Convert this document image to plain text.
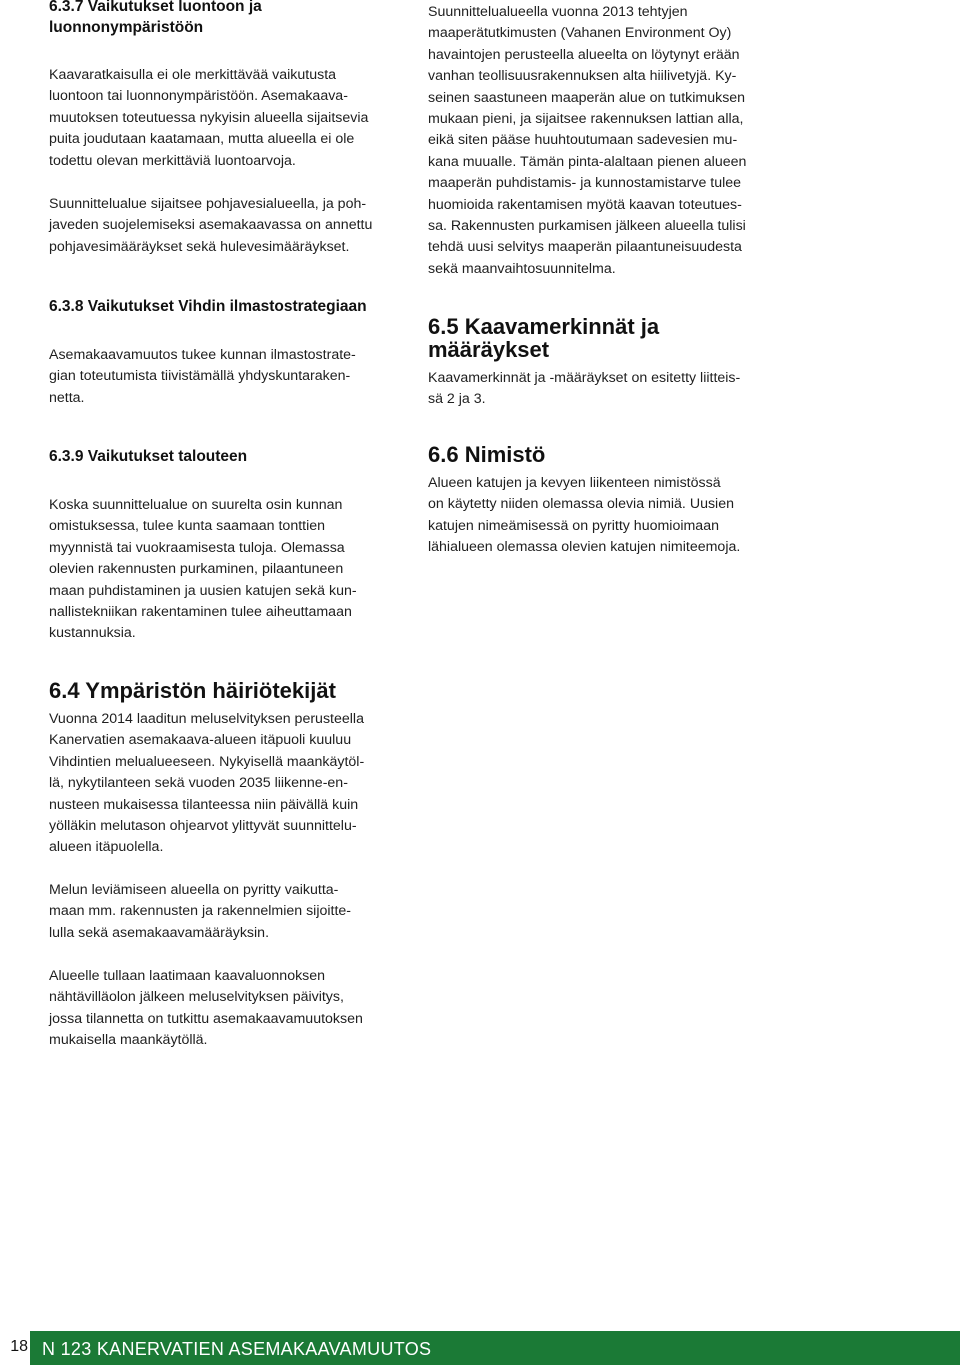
6.3.7 Vaikutukset luontoon ja
luonnonympäristöön

Kaavaratkaisulla ei ole merkittävää vaikutusta
luontoon tai luonnonympäristöön. Asemakaava-
muutoksen toteutuessa nykyisin alueella sijaitsevia
puita joudutaan kaatamaan, mutta alueella ei ole
todettu olevan merkittäviä luontoarvoja.

Suunnittelualue sijaitsee pohjavesialueella, ja poh-
javeden suojelemiseksi asemakaavassa on annettu
pohjavesimääräykset sekä hulevesimääräykset.

6.3.8 Vaikutukset Vihdin ilmastostrategiaan

Asemakaavamuutos tukee kunnan ilmastostrate-
gian toteutumista tiivistämällä yhdyskuntaraken-
netta.

6.3.9 Vaikutukset talouteen

Koska suunnittelualue on suurelta osin kunnan
omistuksessa, tulee kunta saamaan tonttien
myynnistä tai vuokraamisesta tuloja. Olemassa
olevien rakennusten purkaminen, pilaantuneen
maan puhdistaminen ja uusien katujen sekä kun-
nallistekniikan rakentaminen tulee aiheuttamaan
kustannuksia.

6.4 Ympäristön häiriötekijät

Vuonna 2014 laaditun meluselvityksen perusteella
Kanervatien asemakaava-alueen itäpuoli kuuluu
Vihdintien melualueeseen. Nykyisellä maankäytöl-
lä, nykytilanteen sekä vuoden 2035 liikenne-en-
nusteen mukaisessa tilanteessa niin päivällä kuin
yölläkin melutason ohjearvot ylittyvät suunnittelu-
alueen itäpuolella.

Melun leviämiseen alueella on pyritty vaikutta-
maan mm. rakennusten ja rakennelmien sijoitte-
lulla sekä asemakaavamääräyksin.

Alueelle tullaan laatimaan kaavaluonnoksen
nähtävilläolon jälkeen meluselvityksen päivitys,
jossa tilannetta on tutkittu asemakaavamuutoksen
mukaisella maankäytöllä.

Suunnittelualueella vuonna 2013 tehtyjen
maaperätutkimusten (Vahanen Environment Oy)
havaintojen perusteella alueelta on löytynyt erään
vanhan teollisuusrakennuksen alta hiilivetyjä. Ky-
seinen saastuneen maaperän alue on tutkimuksen
mukaan pieni, ja sijaitsee rakennuksen lattian alla,
eikä siten pääse huuhtoutumaan sadevesien mu-
kana muualle. Tämän pinta-alaltaan pienen alueen
maaperän puhdistamis- ja kunnostamistarve tulee
huomioida rakentamisen myötä kaavan toteutues-
sa. Rakennusten purkamisen jälkeen alueella tulisi
tehdä uusi selvitys maaperän pilaantuneisuudesta
sekä maanvaihtosuunnitelma.

6.5 Kaavamerkinnät ja
määräykset

Kaavamerkinnät ja -määräykset on esitetty liitteis-
sä 2 ja 3.

6.6 Nimistö

Alueen katujen ja kevyen liikenteen nimistössä
on käytetty niiden olemassa olevia nimiä. Uusien
katujen nimeämisessä on pyritty huomioimaan
lähialueen olemassa olevien katujen nimiteemoja.

18 N 123 KANERVATIEN ASEMAKAAVAMUUTOS
